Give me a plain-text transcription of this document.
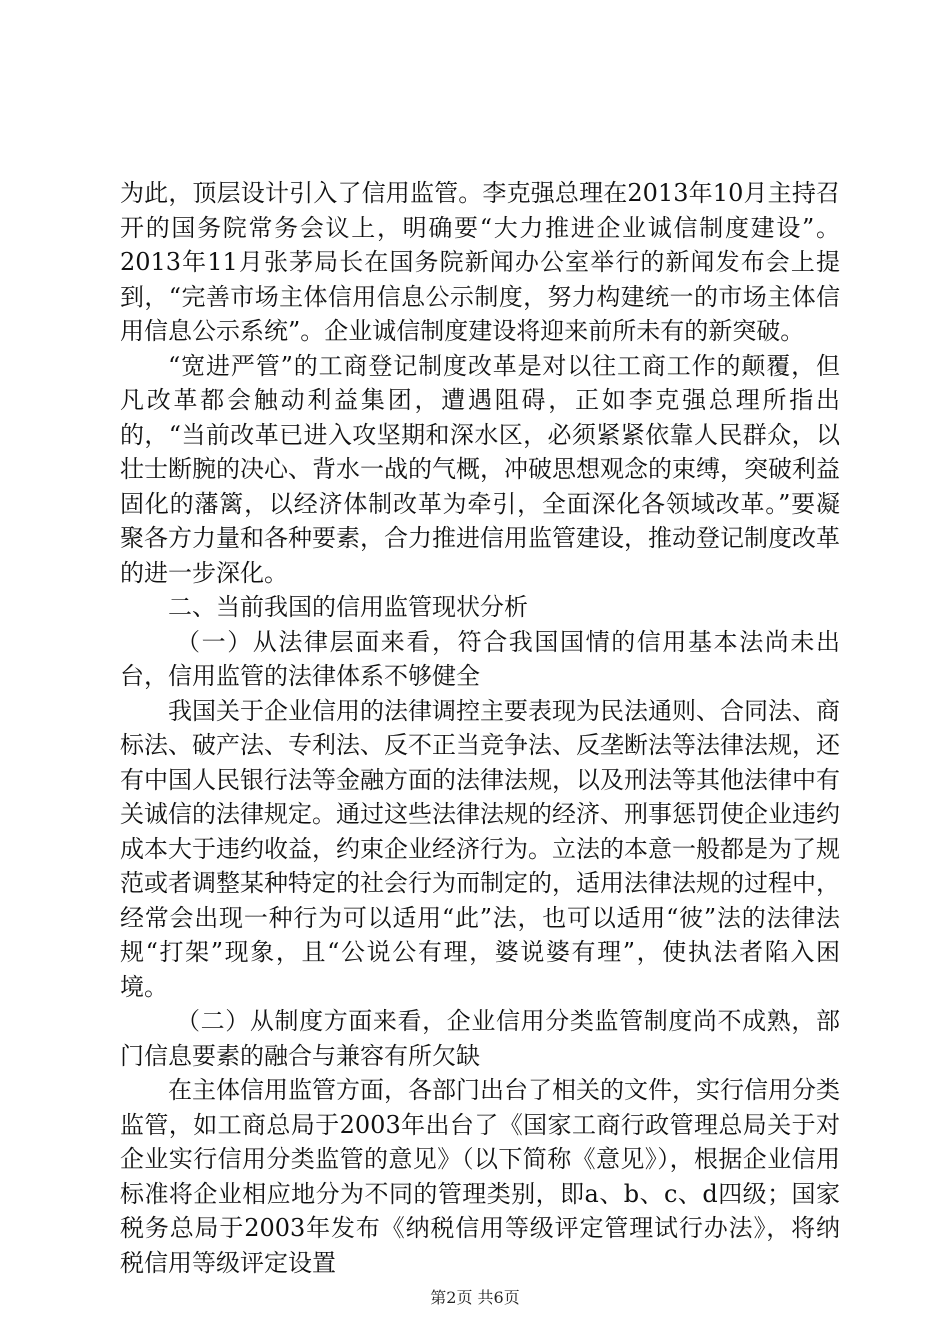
为此，顶层设计引入了信用监管。李克强总理在2013年10月主持召开的国务院常务会议上，明确要“大力推进企业诚信制度建设”。2013年11月张茅局长在国务院新闻办公室举行的新闻发布会上提到，“完善市场主体信用信息公示制度，努力构建统一的市场主体信用信息公示系统”。企业诚信制度建设将迎来前所未有的新突破。

“宽进严管”的工商登记制度改革是对以往工商工作的颠覆，但凡改革都会触动利益集团，遭遇阻碍，正如李克强总理所指出的，“当前改革已进入攻坚期和深水区，必须紧紧依靠人民群众，以壮士断腕的决心、背水一战的气概，冲破思想观念的束缚，突破利益固化的藩篱，以经济体制改革为牵引，全面深化各领域改革。”要凝聚各方力量和各种要素，合力推进信用监管建设，推动登记制度改革的进一步深化。

二、当前我国的信用监管现状分析

（一）从法律层面来看，符合我国国情的信用基本法尚未出台，信用监管的法律体系不够健全

我国关于企业信用的法律调控主要表现为民法通则、合同法、商标法、破产法、专利法、反不正当竞争法、反垄断法等法律法规，还有中国人民银行法等金融方面的法律法规，以及刑法等其他法律中有关诚信的法律规定。通过这些法律法规的经济、刑事惩罚使企业违约成本大于违约收益，约束企业经济行为。立法的本意一般都是为了规范或者调整某种特定的社会行为而制定的，适用法律法规的过程中，经常会出现一种行为可以适用“此”法，也可以适用“彼”法的法律法规“打架”现象，且“公说公有理，婆说婆有理”，使执法者陷入困境。

（二）从制度方面来看，企业信用分类监管制度尚不成熟，部门信息要素的融合与兼容有所欠缺

在主体信用监管方面，各部门出台了相关的文件，实行信用分类监管，如工商总局于2003年出台了《国家工商行政管理总局关于对企业实行信用分类监管的意见》（以下简称《意见》），根据企业信用标准将企业相应地分为不同的管理类别，即a、b、c、d四级；国家税务总局于2003年发布《纳税信用等级评定管理试行办法》，将纳税信用等级评定设置

第2页 共6页
